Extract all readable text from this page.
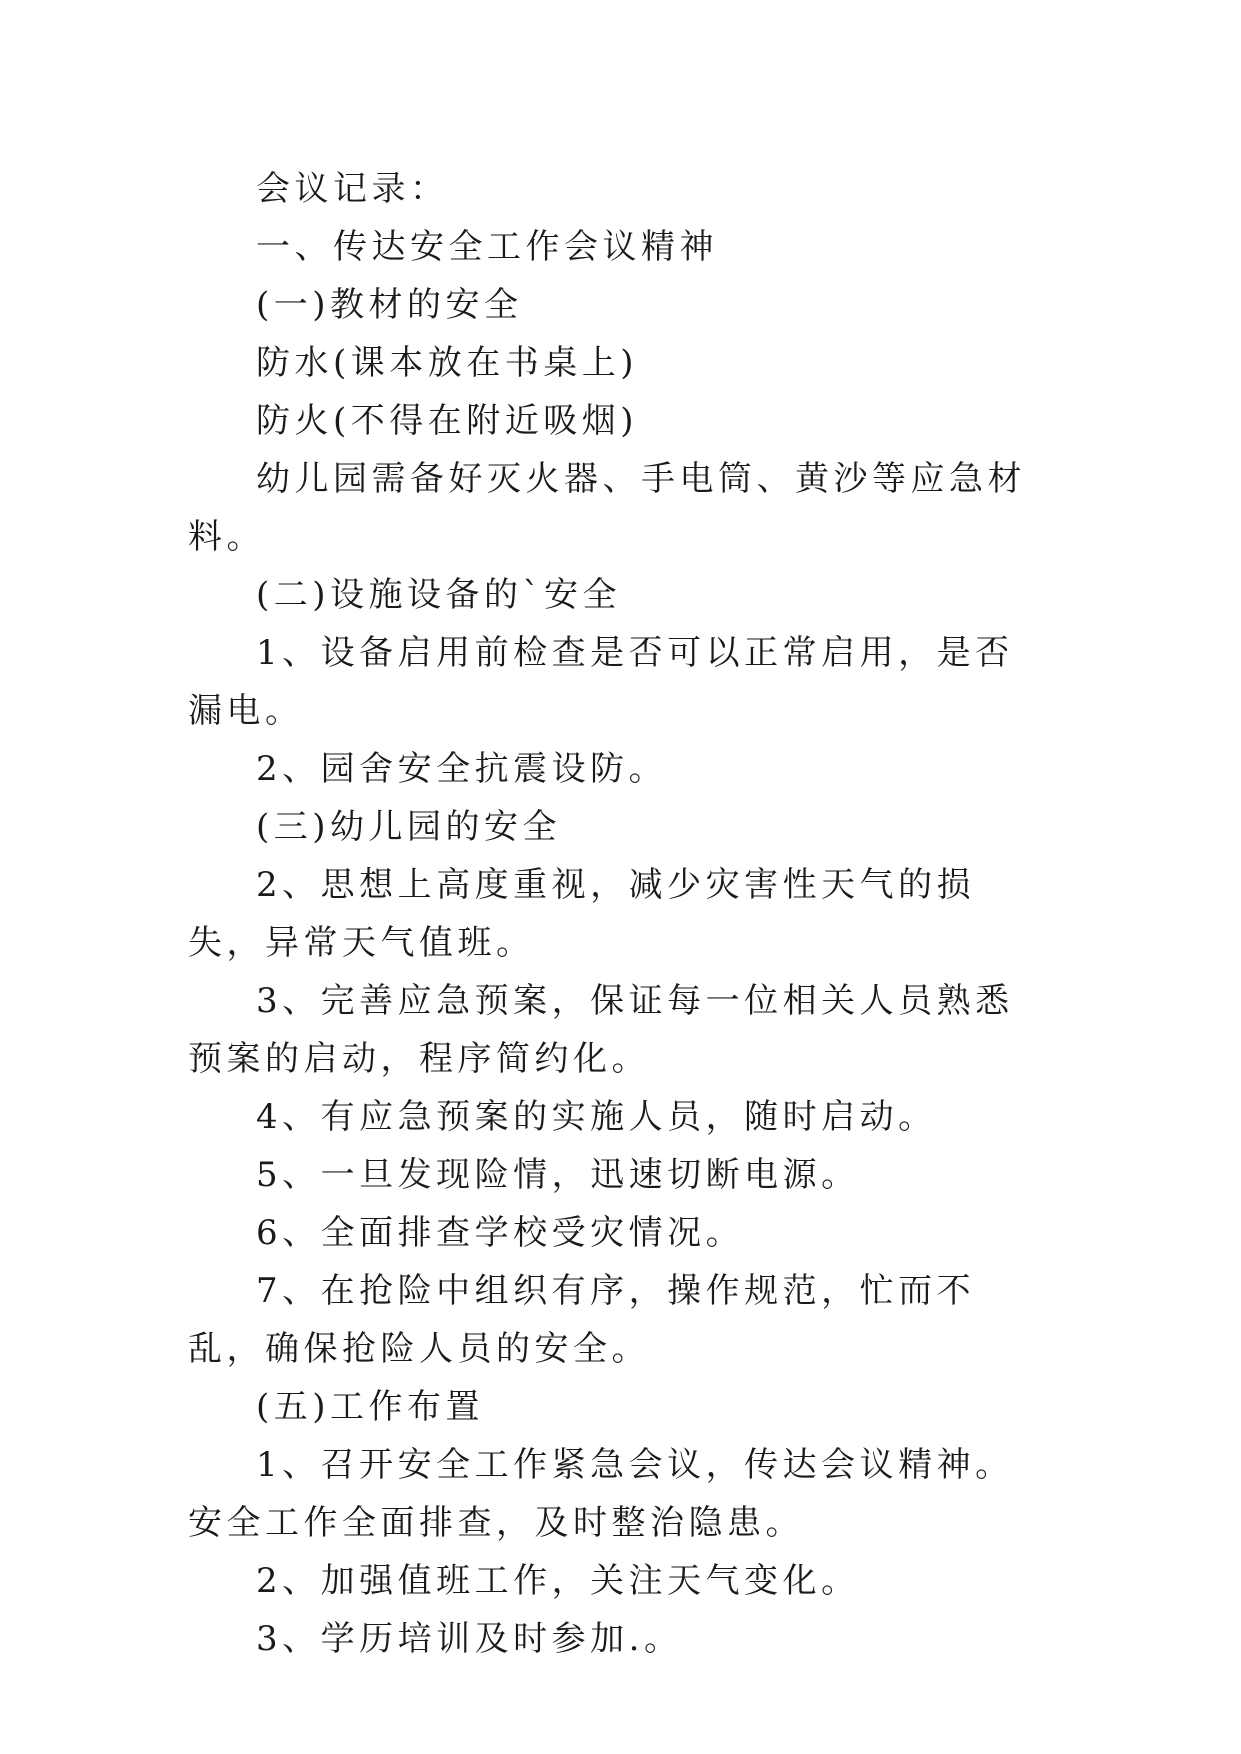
会议记录：

一、传达安全工作会议精神

(一)教材的安全

防水(课本放在书桌上)

防火(不得在附近吸烟)

幼儿园需备好灭火器、手电筒、黄沙等应急材料。

(二)设施设备的`安全

1、设备启用前检查是否可以正常启用，是否漏电。

2、园舍安全抗震设防。

(三)幼儿园的安全

2、思想上高度重视，减少灾害性天气的损失，异常天气值班。

3、完善应急预案，保证每一位相关人员熟悉预案的启动，程序简约化。

4、有应急预案的实施人员，随时启动。

5、一旦发现险情，迅速切断电源。

6、全面排查学校受灾情况。

7、在抢险中组织有序，操作规范，忙而不乱，确保抢险人员的安全。

(五)工作布置

1、召开安全工作紧急会议，传达会议精神。安全工作全面排查，及时整治隐患。

2、加强值班工作，关注天气变化。

3、学历培训及时参加.。
